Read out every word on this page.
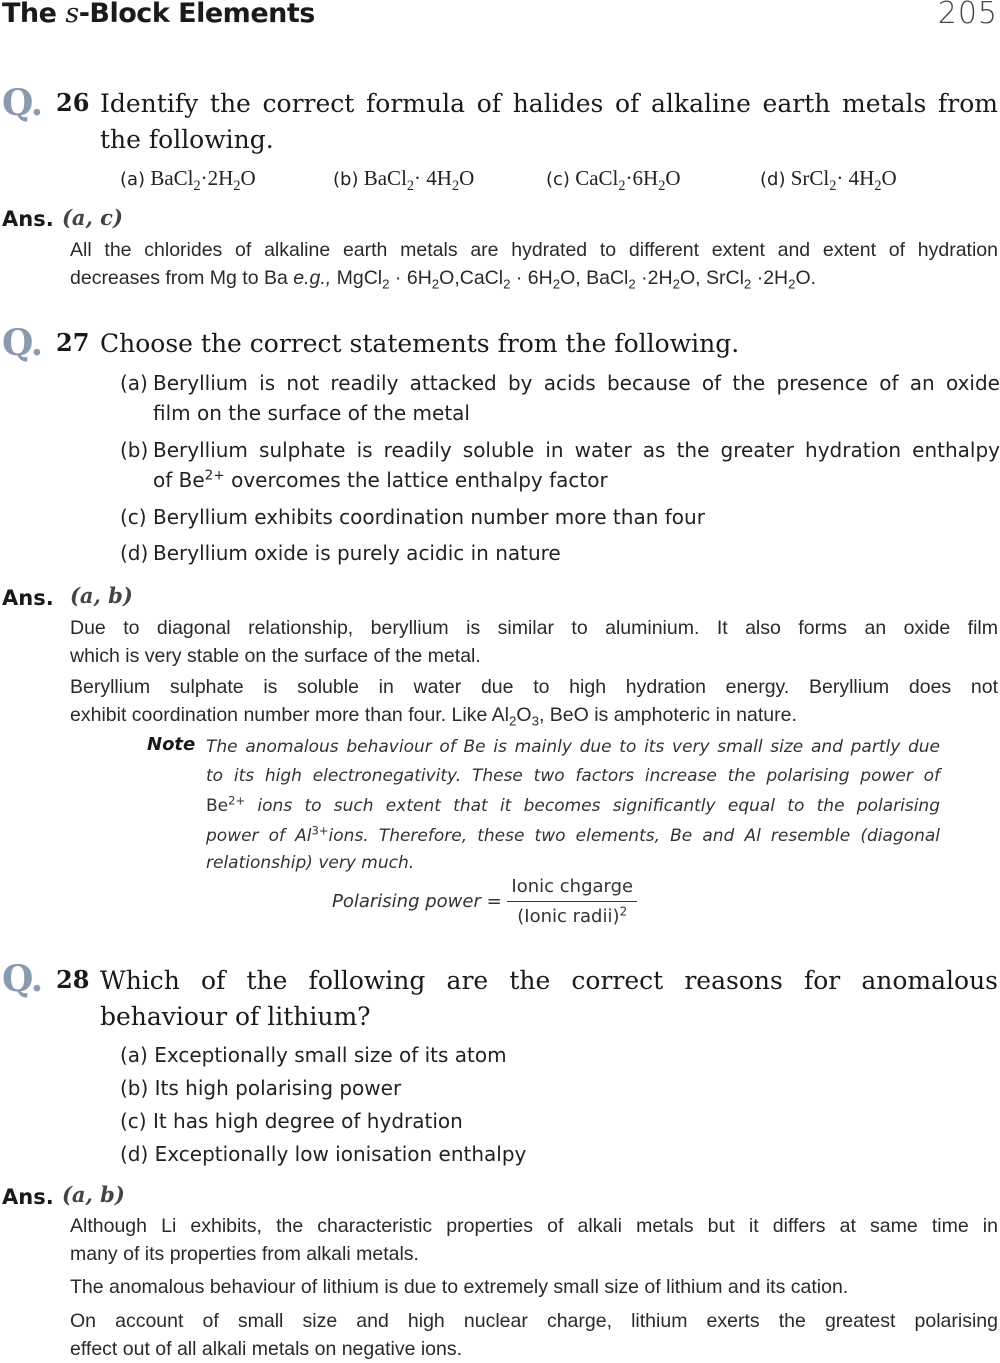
The s-Block Elements	205
Q. 26 Identify the correct formula of halides of alkaline earth metals from
the following.
(a) $BaCl_2\cdot 2H_2O$	(b) BaCl$_2$· $4H_2O$	(c) $CaCl_2\cdot 6H_2O$	(d) SrCl$_2$· $4H_2O$
Ans. (a, c)
All the chlorides of alkaline earth metals are hydrated to different extent and extent of hydration
decreases from Mg to Ba e.g., MgCl$_2$ · $6H_2O,CaCl_2 \cdot 6H_2O$, BaCl$_2$ $\cdot 2H_2O$, SrCl$_2$ $\cdot 2H_2O$.
Q. 27 Choose the correct statements from the following.
(a) Beryllium is not readily attacked by acids because of the presence of an oxide
film on the surface of the metal
(b) Beryllium sulphate is readily soluble in water as the greater hydration enthalpy
of $Be^{2+}$ overcomes the lattice enthalpy factor
(c) Beryllium exhibits coordination number more than four
(d) Beryllium oxide is purely acidic in nature
Ans. (a, b)
Due to diagonal relationship, beryllium is similar to aluminium. It also forms an oxide film
which is very stable on the surface of the metal.
Beryllium sulphate is soluble in water due to high hydration energy. Beryllium does not
exhibit coordination number more than four. Like $Al_2O_3$, BeO is amphoteric in nature.
Note The anomalous behaviour of Be is mainly due to its very small size and partly due
to its high electronegativity. These two factors increase the polarising power of
$Be^{2+}$ ions to such extent that it becomes significantly equal to the polarising
power of $Al^{3+}ions$. Therefore, these two elements, Be and Al resemble (diagonal
relationship) very much.
Polarising power = $\frac{\text{Ionic chgarge}}{(Ionic radii)^2}$
Q. 28 Which of the following are the correct reasons for anomalous
behaviour of lithium?
(a) Exceptionally small size of its atom
(b) Its high polarising power
(c) It has high degree of hydration
(d) Exceptionally low ionisation enthalpy
Ans. (a, b)
Although Li exhibits, the characteristic properties of alkali metals but it differs at same time in
many of its properties from alkali metals.
The anomalous behaviour of lithium is due to extremely small size of lithium and its cation.
On account of small size and high nuclear charge, lithium exerts the greatest polarising
effect out of all alkali metals on negative ions.
